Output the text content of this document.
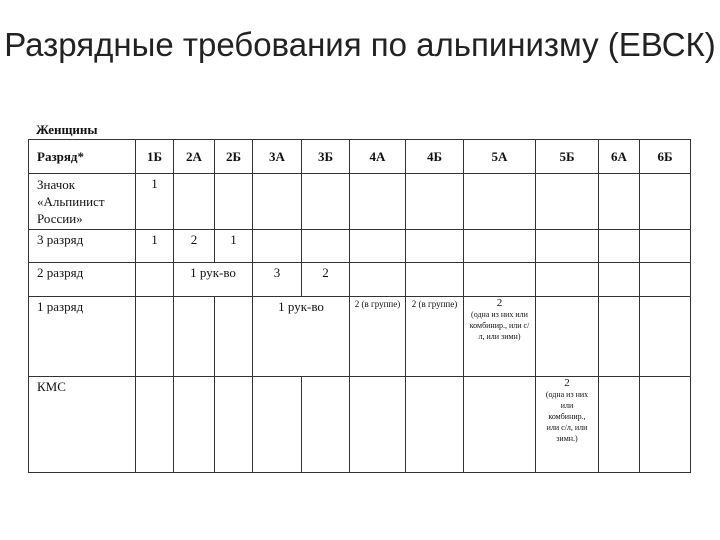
Разрядные требования по альпинизму (ЕВСК)
Женщины
Разряд*	1Б	2А	2Б	3А	3Б	4А	4Б	5А	5Б	6А	6Б
Значок «Альпинист России»	1										
3 разряд	1	2	1								
2 разряд		1 рук-во		3	2						
1 разряд				1 рук-во		2 (в группе)	2 (в группе)	2
(одна из них или комбинир., или с/л, или зимн)			

КМС									2
(одна из них или комбинир., или с/л, или зимн.)		
